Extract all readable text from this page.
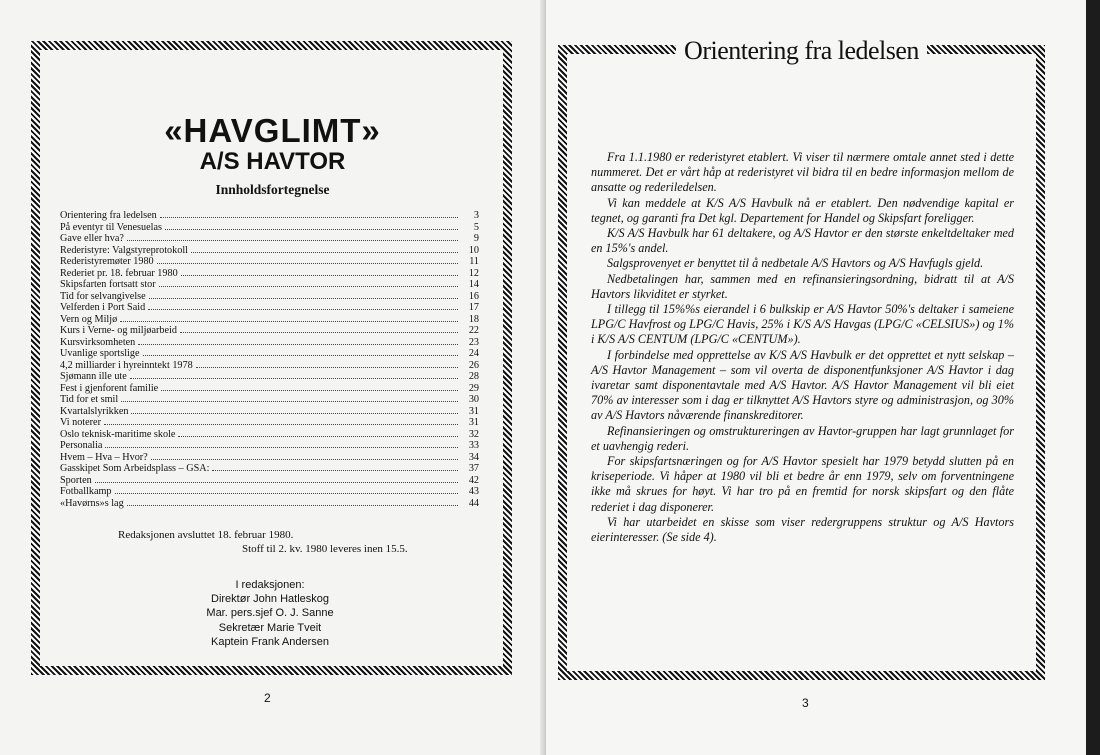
«HAVGLIMT»
A/S HAVTOR
Innholdsfortegnelse
Orientering fra ledelsen	3
På eventyr til Venesuelas	5
Gave eller hva?	9
Rederistyre: Valgstyreprotokoll	10
Rederistyremøter 1980	11
Rederiet pr. 18. februar 1980	12
Skipsfarten fortsatt stor	14
Tid for selvangivelse	16
Velferden i Port Said	17
Vern og Miljø	18
Kurs i Verne- og miljøarbeid	22
Kursvirksomheten	23
Uvanlige sportslige	24
4,2 milliarder i hyreinntekt 1978	26
Sjømann ille ute	28
Fest i gjenforent familie	29
Tid for et smil	30
Kvartalslyrikken	31
Vi noterer	31
Oslo teknisk-maritime skole	32
Personalia	33
Hvem – Hva – Hvor?	34
Gasskipet Som Arbeidsplass – GSA:	37
Sporten	42
Fotballkamp	43
«Havørns»s lag	44
Redaksjonen avsluttet 18. februar 1980.
Stoff til 2. kv. 1980 leveres inen 15.5.
I redaksjonen:
Direktør John Hatleskog
Mar. pers.sjef O. J. Sanne
Sekretær Marie Tveit
Kaptein Frank Andersen
2
Orientering fra ledelsen

Fra 1.1.1980 er rederistyret etablert. Vi viser til nærmere omtale annet sted i dette nummeret. Det er vårt håp at rederistyret vil bidra til en bedre informasjon mellom de ansatte og rederiledelsen.

Vi kan meddele at K/S A/S Havbulk nå er etablert. Den nødvendige kapital er tegnet, og garanti fra Det kgl. Departement for Handel og Skipsfart foreligger.

K/S A/S Havbulk har 61 deltakere, og A/S Havtor er den største enkeltdeltaker med en 15%'s andel.

Salgsprovenyet er benyttet til å nedbetale A/S Havtors og A/S Havfugls gjeld.

Nedbetalingen har, sammen med en refinansieringsordning, bidratt til at A/S Havtors likviditet er styrket.

I tillegg til 15%%s eierandel i 6 bulkskip er A/S Havtor 50%'s deltaker i sameiene LPG/C Havfrost og LPG/C Havis, 25% i K/S A/S Havgas (LPG/C «CELSIUS») og 1% i K/S A/S CENTUM (LPG/C «CENTUM»).

I forbindelse med opprettelse av K/S A/S Havbulk er det opprettet et nytt selskap – A/S Havtor Management – som vil overta de disponentfunksjoner A/S Havtor i dag ivaretar samt disponentavtale med A/S Havtor. A/S Havtor Management vil bli eiet 70% av interesser som i dag er tilknyttet A/S Havtors styre og administrasjon, og 30% av A/S Havtors nåværende finanskreditorer.

Refinansieringen og omstruktureringen av Havtor-gruppen har lagt grunnlaget for et uavhengig rederi.

For skipsfartsnæringen og for A/S Havtor spesielt har 1979 betydd slutten på en kriseperiode. Vi håper at 1980 vil bli et bedre år enn 1979, selv om forventningene ikke må skrues for høyt. Vi har tro på en fremtid for norsk skipsfart og den flåte rederiet i dag disponerer.

Vi har utarbeidet en skisse som viser redergruppens struktur og A/S Havtors eierinteresser. (Se side 4).

3
